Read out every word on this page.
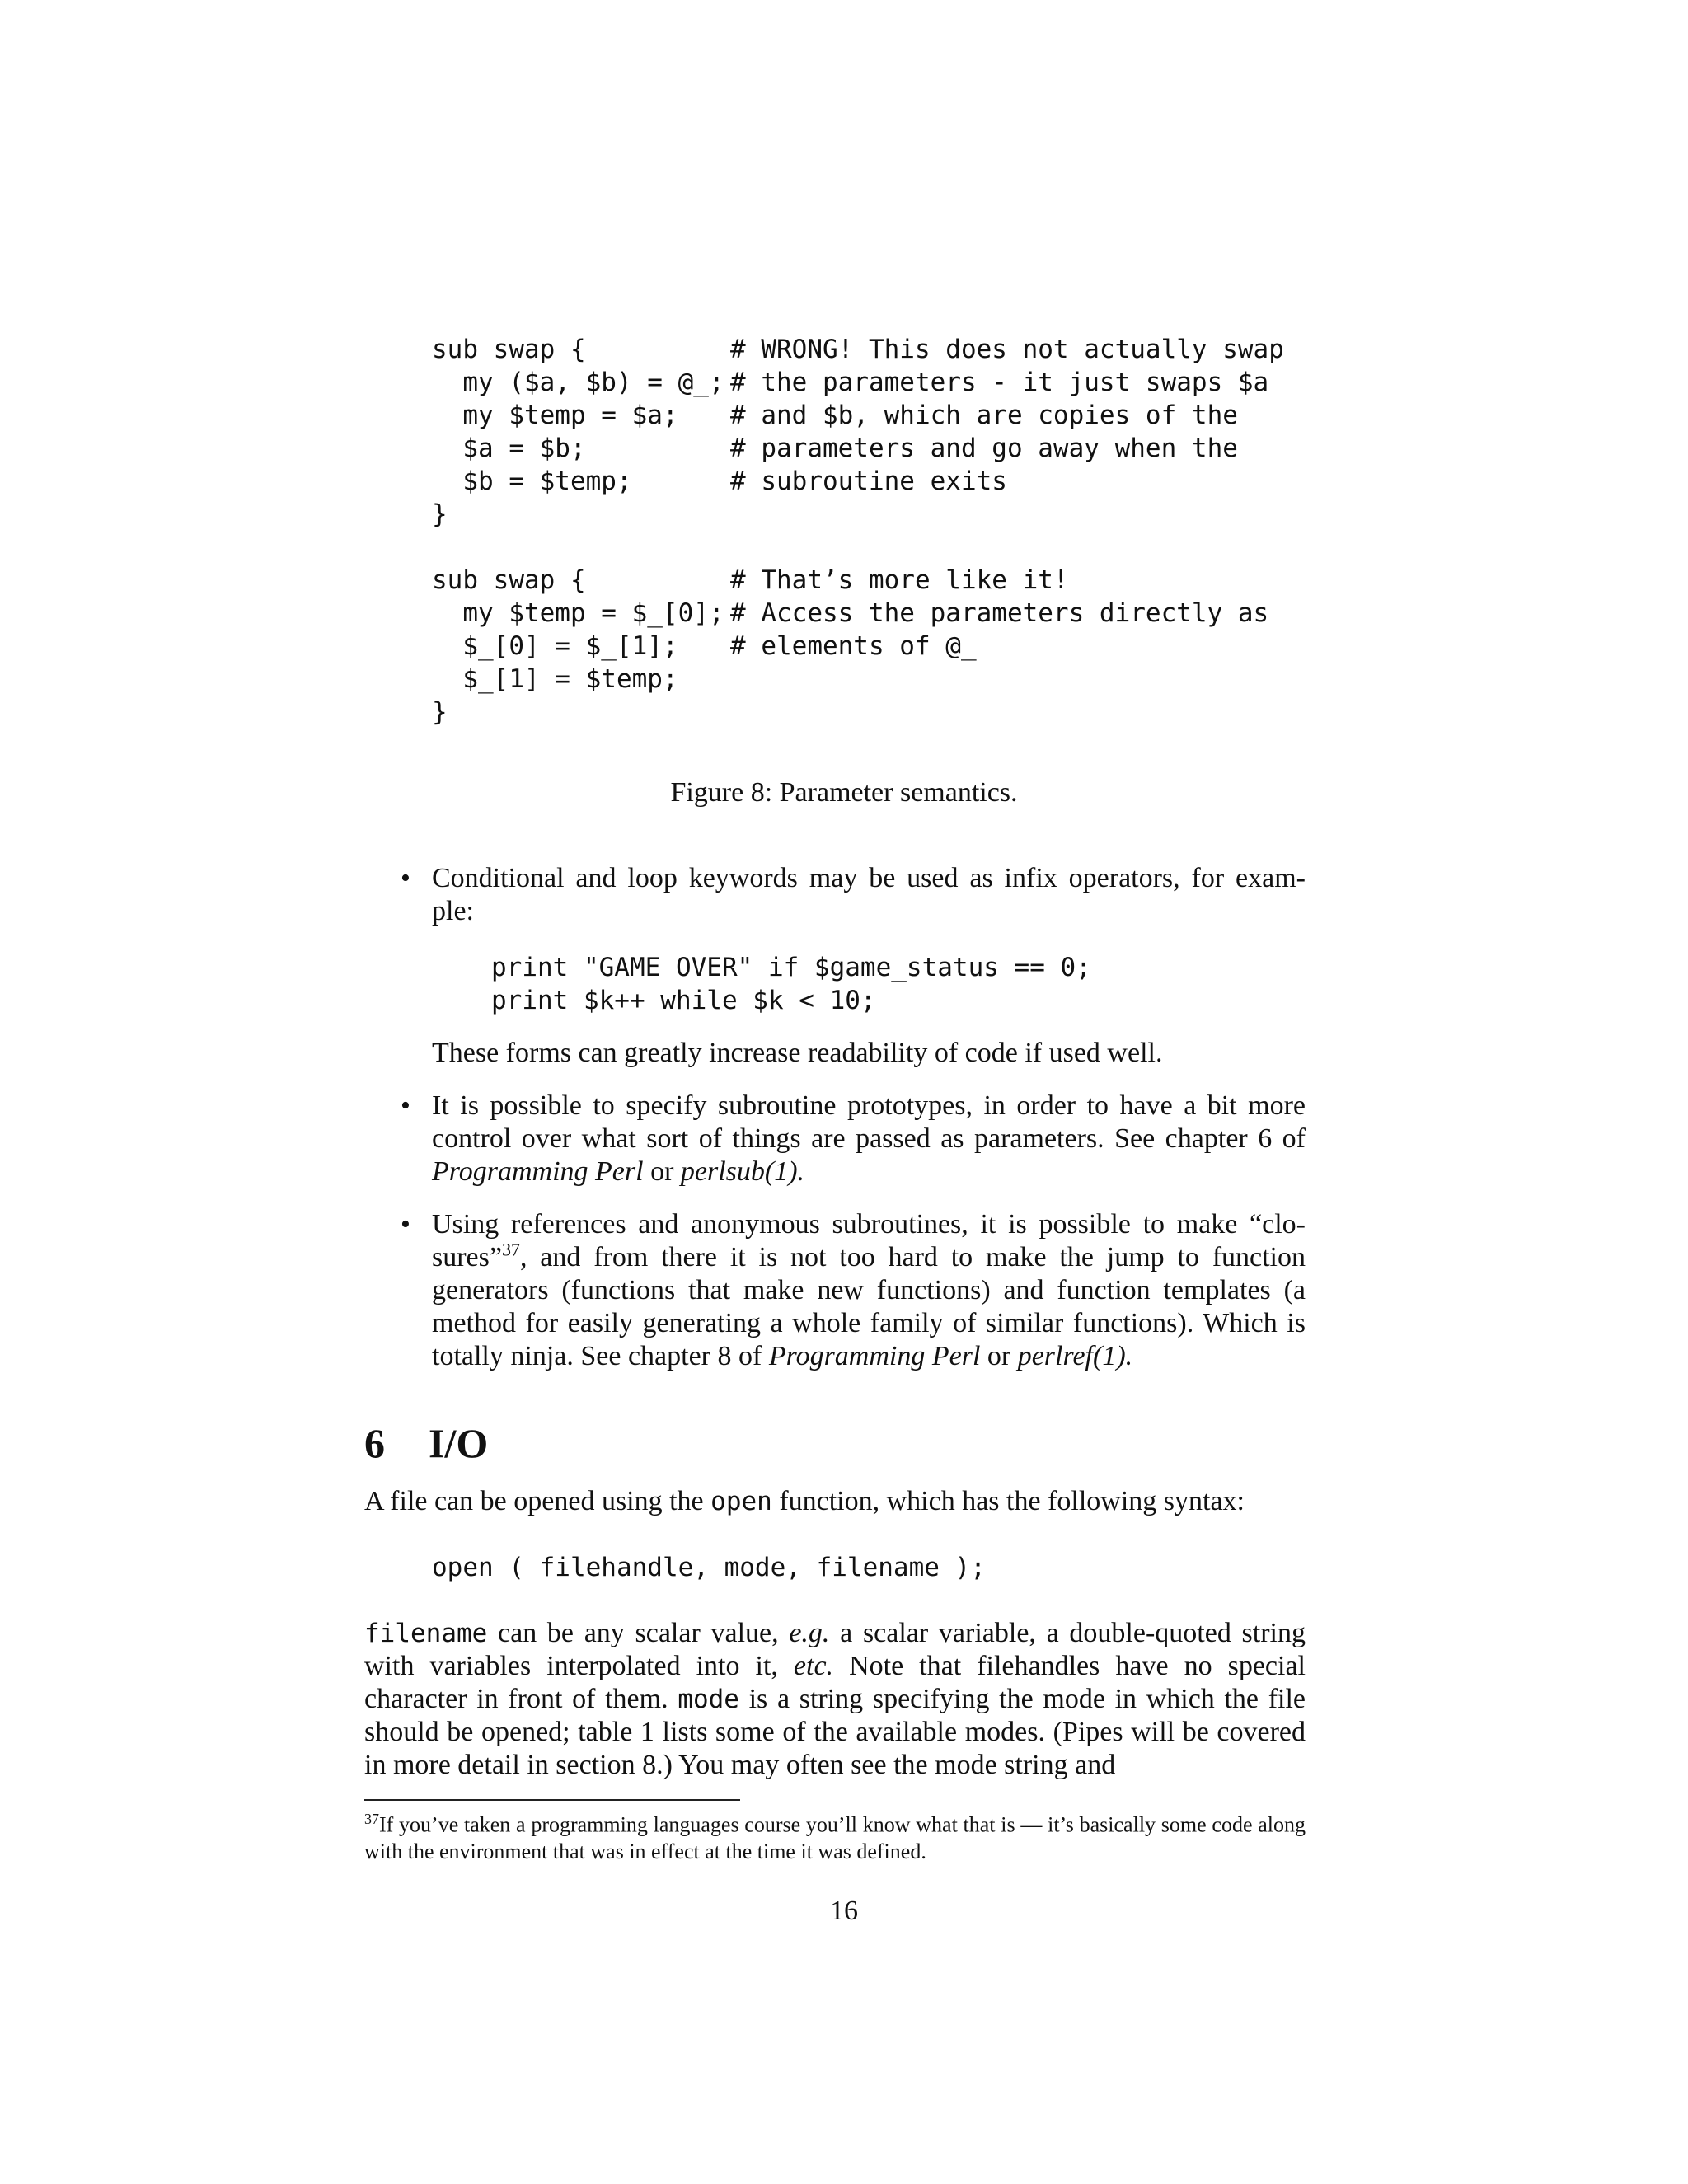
sub swap {	# WRONG! This does not actually swap
my ($a, $b) = @_; # the parameters - it just swaps $a
my $temp = $a; # and $b, which are copies of the
$a = $b;	# parameters and go away when the
$b = $temp;	# subroutine exits
}
sub swap {	# That’s more like it!
my $temp = $_[0]; # Access the parameters directly as
$_[0] = $_[1]; # elements of @_
$_[1] = $temp;
}
Figure 8: Parameter semantics.
• Conditional and loop keywords may be used as infix operators, for exam-
ple:
print "GAME OVER" if $game_status == 0;
print $k++ while $k < 10;
These forms can greatly increase readability of code if used well.
• It is possible to specify subroutine prototypes, in order to have a bit more control over what sort of things are passed as parameters. See chapter 6 of Programming Perl or perlsub(1).

• Using references and anonymous subroutines, it is possible to make “clo-sures”$^{37}$, and from there it is not too hard to make the jump to function generators (functions that make new functions) and function templates (a method for easily generating a whole family of similar functions). Which is totally ninja. See chapter 8 of Programming Perl or perlref(1).

6 I/O

A file can be opened using the open function, which has the following syntax:

open ( filehandle, mode, filename );

filename can be any scalar value, e.g. a scalar variable, a double-quoted string with variables interpolated into it, etc. Note that filehandles have no special character in front of them. mode is a string specifying the mode in which the file should be opened; table 1 lists some of the available modes. (Pipes will be covered in more detail in section 8.) You may often see the mode string and

$^{37}$If you’ve taken a programming languages course you’ll know what that is — it’s basically some code along with the environment that was in effect at the time it was defined.
16
